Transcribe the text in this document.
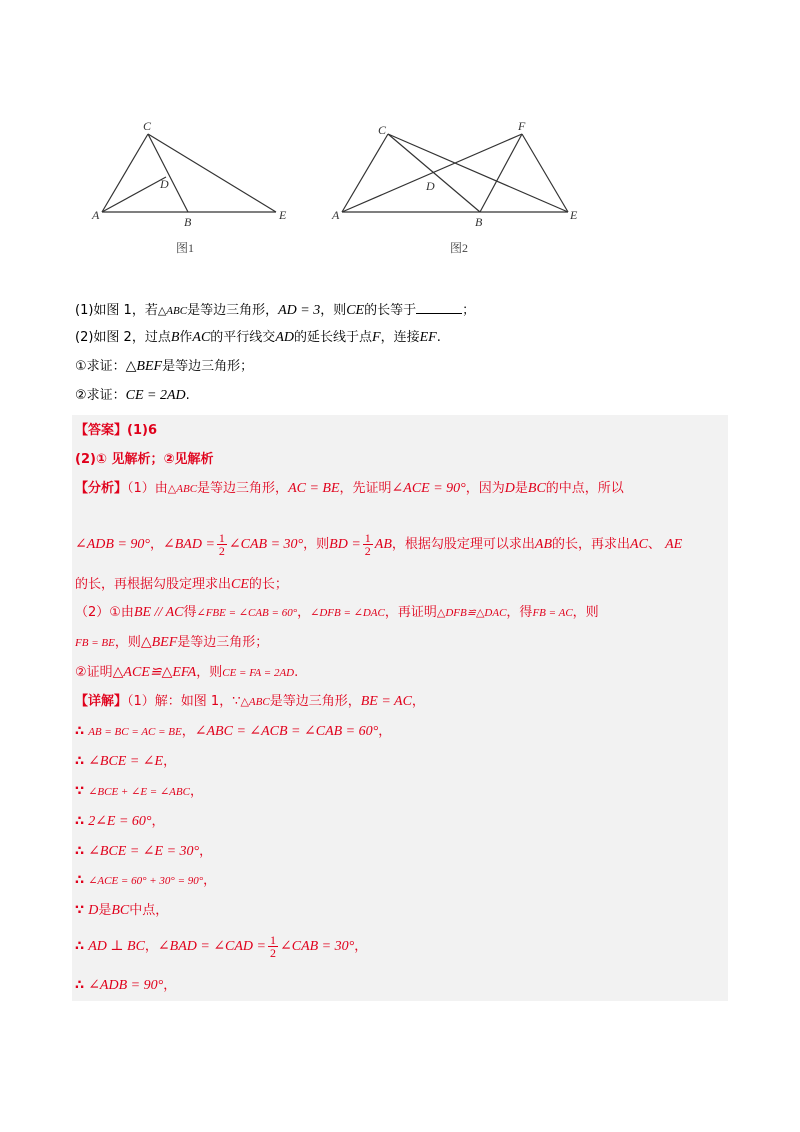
C
D
A	B	E
图1
C	F
D
A	B	E
图2
(1)如图 1，若△ABC是等边三角形，AD = 3，则CE的长等于	；
(2)如图 2，过点B作AC的平行线交AD的延长线于点F，连接EF.
①求证：△BEF是等边三角形；
②求证：CE = 2AD.
【答案】(1)6
(2)① 见解析；②见解析
【分析】（1）由△ABC是等边三角形，AC = BE，先证明∠ACE = 90°，因为D是BC的中点，所以
∠ADB = 90°，∠BAD = $\frac{1}{2}$ ∠CAB = 30°，则BD = $\frac{1}{2}$ AB，根据勾股定理可以求出AB的长，再求出AC、 AE
的长，再根据勾股定理求出CE的长；
（2）①由BE // AC得∠FBE = ∠CAB = 60°，∠DFB = ∠DAC，再证明△DFB≌△DAC，得FB = AC，则
FB = BE，则△BEF是等边三角形；
②证明△ACE≌△EFA，则CE = FA = 2AD.
【详解】（1）解：如图 1，∵△ABC是等边三角形，BE = AC，
∴ AB = BC = AC = BE，∠ABC = ∠ACB = ∠CAB = 60°，
∴ ∠BCE = ∠E，
∵ ∠BCE + ∠E = ∠ABC，
∴ 2∠E = 60°，
∴ ∠BCE = ∠E = 30°，
∴ ∠ACE = 60° + 30° = 90°，
∵ D是BC中点，
∴ AD ⊥ BC，∠BAD = ∠CAD = $\frac{1}{2}$ ∠CAB = 30°，
∴ ∠ADB = 90°，
